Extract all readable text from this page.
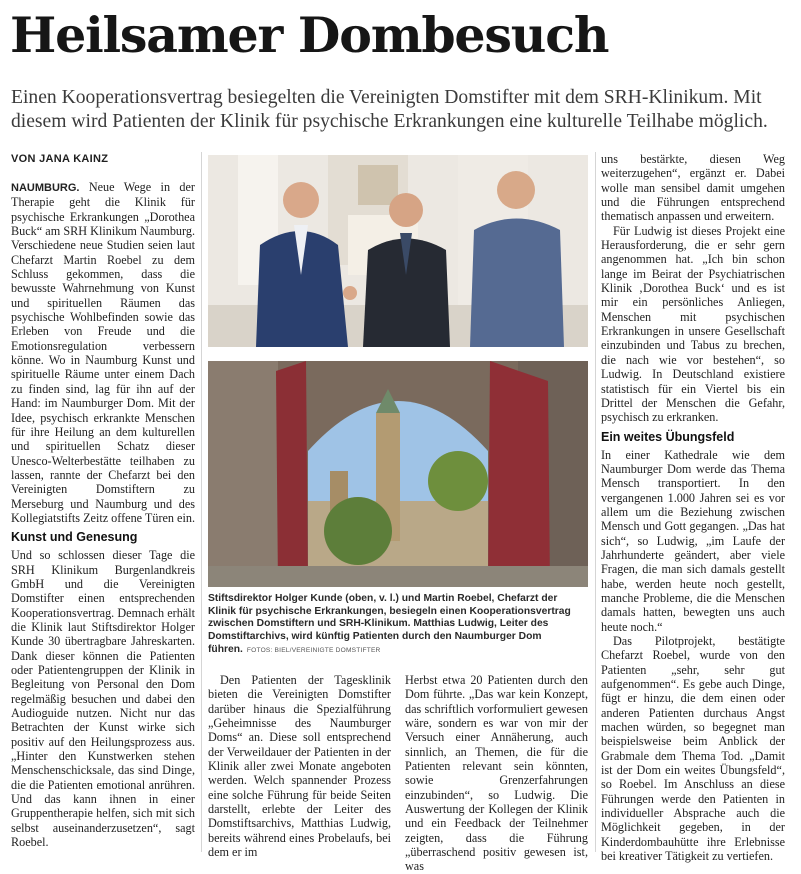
Heilsamer Dombesuch

Einen Kooperationsvertrag besiegelten die Vereinigten Domstifter mit dem SRH-Klinikum. Mit diesem wird Patienten der Klinik für psychische Erkrankungen eine kulturelle Teilhabe möglich.

VON JANA KAINZ

NAUMBURG. Neue Wege in der Therapie geht die Klinik für psychische Erkrankungen „Dorothea Buck“ am SRH Klinikum Naumburg. Verschiedene neue Studien seien laut Chefarzt Martin Roebel zu dem Schluss gekommen, dass die bewusste Wahrnehmung von Kunst und spirituellen Räumen das psychische Wohlbefinden sowie das Erleben von Freude und die Emotionsregulation verbessern könne. Wo in Naumburg Kunst und spirituelle Räume unter einem Dach zu finden sind, lag für ihn auf der Hand: im Naumburger Dom. Mit der Idee, psychisch erkrankte Menschen für ihre Heilung an dem kulturellen und spirituellen Schatz dieser Unesco-Welterbestätte teilhaben zu lassen, rannte der Chefarzt bei den Vereinigten Domstiftern zu Merseburg und Naumburg und des Kollegiatstifts Zeitz offene Türen ein.

Kunst und Genesung

Und so schlossen dieser Tage die SRH Klinikum Burgenlandkreis GmbH und die Vereinigten Domstifter einen entsprechenden Kooperationsvertrag. Demnach erhält die Klinik laut Stiftsdirektor Holger Kunde 30 übertragbare Jahreskarten. Dank dieser können die Patienten oder Patientengruppen der Klinik in Begleitung von Personal den Dom regelmäßig besuchen und dabei den Audioguide nutzen. Nicht nur das Betrachten der Kunst wirke sich positiv auf den Heilungsprozess aus. „Hinter den Kunstwerken stehen Menschenschicksale, das sind Dinge, die die Patienten emotional anrühren. Und das kann ihnen in einer Gruppentherapie helfen, sich mit sich selbst auseinanderzusetzen“, sagt Roebel.

Stiftsdirektor Holger Kunde (oben, v. l.) und Martin Roebel, Chefarzt der Klinik für psychische Erkrankungen, besiegeln einen Kooperationsvertrag zwischen Domstiftern und SRH-Klinikum. Matthias Ludwig, Leiter des Domstiftarchivs, wird künftig Patienten durch den Naumburger Dom führen. FOTOS: BIEL/VEREINIGTE DOMSTIFTER

Den Patienten der Tagesklinik bieten die Vereinigten Domstifter darüber hinaus die Spezialführung „Geheimnisse des Naumburger Doms“ an. Diese soll entsprechend der Verweildauer der Patienten in der Klinik aller zwei Monate angeboten werden. Welch spannender Prozess eine solche Führung für beide Seiten darstellt, erlebte der Leiter des Domstiftsarchivs, Matthias Ludwig, bereits während eines Probelaufs, bei dem er im

Herbst etwa 20 Patienten durch den Dom führte. „Das war kein Konzept, das schriftlich vorformuliert gewesen wäre, sondern es war von mir der Versuch einer Annäherung, auch sinnlich, an Themen, die für die Patienten relevant sein könnten, sowie Grenzerfahrungen einzubinden“, so Ludwig. Die Auswertung der Kollegen der Klinik und ein Feedback der Teilnehmer zeigten, dass die Führung „überraschend positiv gewesen ist, was

uns bestärkte, diesen Weg weiterzugehen“, ergänzt er. Dabei wolle man sensibel damit umgehen und die Führungen entsprechend thematisch anpassen und erweitern.

Für Ludwig ist dieses Projekt eine Herausforderung, die er sehr gern angenommen hat. „Ich bin schon lange im Beirat der Psychiatrischen Klinik ‚Dorothea Buck‘ und es ist mir ein persönliches Anliegen, Menschen mit psychischen Erkrankungen in unsere Gesellschaft einzubinden und Tabus zu brechen, die nach wie vor bestehen“, so Ludwig. In Deutschland existiere statistisch für ein Viertel bis ein Drittel der Menschen die Gefahr, psychisch zu erkranken.

Ein weites Übungsfeld

In einer Kathedrale wie dem Naumburger Dom werde das Thema Mensch transportiert. In den vergangenen 1.000 Jahren sei es vor allem um die Beziehung zwischen Mensch und Gott gegangen. „Das hat sich“, so Ludwig, „im Laufe der Jahrhunderte geändert, aber viele Fragen, die man sich damals gestellt habe, werden heute noch gestellt, manche Probleme, die die Menschen damals hatten, bewegten uns auch heute noch.“

Das Pilotprojekt, bestätigte Chefarzt Roebel, wurde von den Patienten „sehr, sehr gut aufgenommen“. Es gebe auch Dinge, fügt er hinzu, die dem einen oder anderen Patienten durchaus Angst machen würden, so begegnet man beispielsweise beim Anblick der Grabmale dem Thema Tod. „Damit ist der Dom ein weites Übungsfeld“, so Roebel. Im Anschluss an diese Führungen werde den Patienten in individueller Absprache auch die Möglichkeit gegeben, in der Kinderdombauhütte ihre Erlebnisse bei kreativer Tätigkeit zu vertiefen.
